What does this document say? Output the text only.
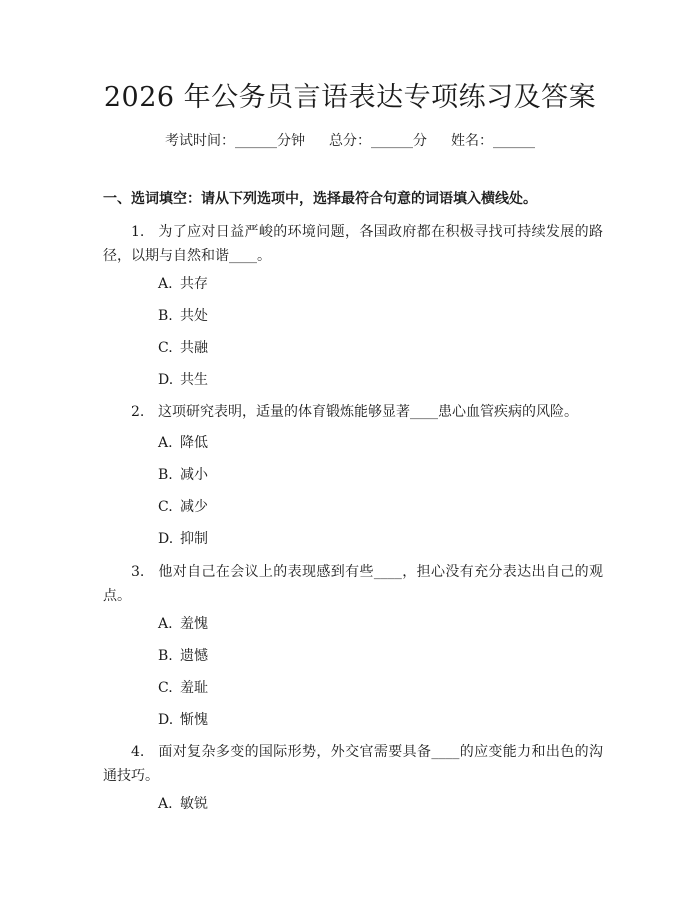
2026 年公务员言语表达专项练习及答案
考试时间：______分钟 总分：______分 姓名：______
一、选词填空：请从下列选项中，选择最符合句意的词语填入横线处。
1. 为了应对日益严峻的环境问题，各国政府都在积极寻找可持续发展的路径，以期与自然和谐____。
A. 共存
B. 共处
C. 共融
D. 共生
2. 这项研究表明，适量的体育锻炼能够显著____患心血管疾病的风险。
A. 降低
B. 减小
C. 减少
D. 抑制
3. 他对自己在会议上的表现感到有些____，担心没有充分表达出自己的观点。
A. 羞愧
B. 遗憾
C. 羞耻
D. 惭愧
4. 面对复杂多变的国际形势，外交官需要具备____的应变能力和出色的沟通技巧。
A. 敏锐
